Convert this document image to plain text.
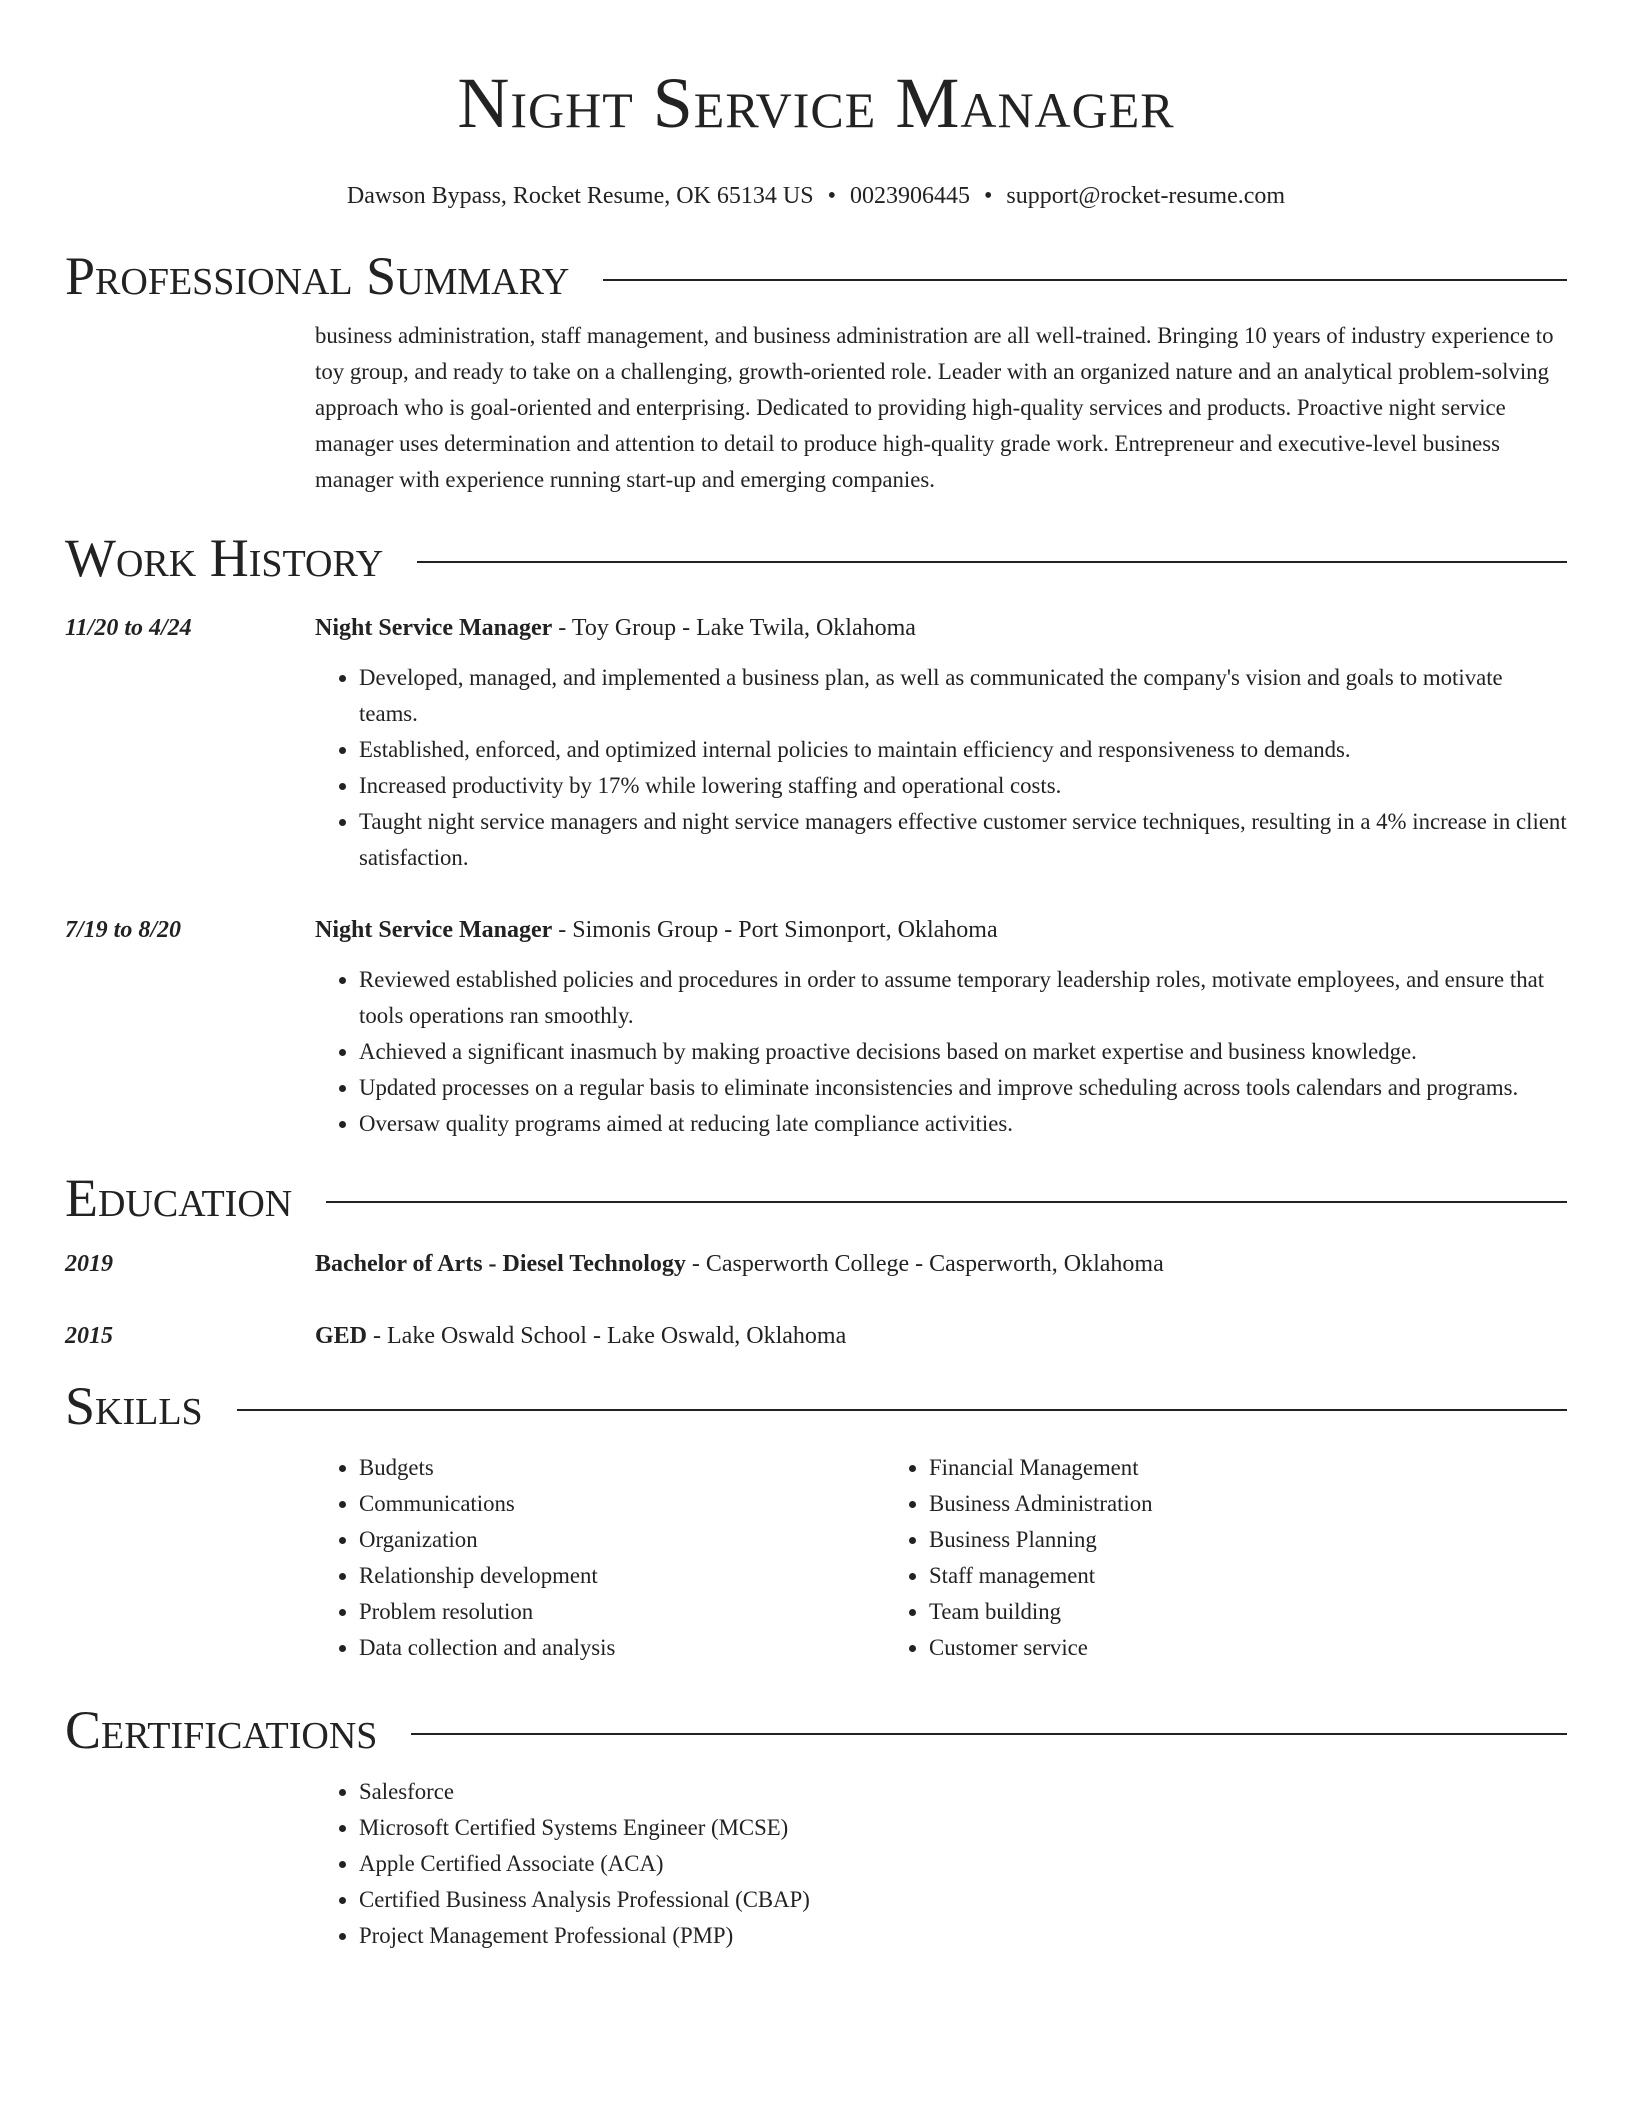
Night Service Manager
Dawson Bypass, Rocket Resume, OK 65134 US • 0023906445 • support@rocket-resume.com
Professional Summary
business administration, staff management, and business administration are all well-trained. Bringing 10 years of industry experience to toy group, and ready to take on a challenging, growth-oriented role. Leader with an organized nature and an analytical problem-solving approach who is goal-oriented and enterprising. Dedicated to providing high-quality services and products. Proactive night service manager uses determination and attention to detail to produce high-quality grade work. Entrepreneur and executive-level business manager with experience running start-up and emerging companies.
Work History
11/20 to 4/24	Night Service Manager - Toy Group - Lake Twila, Oklahoma
• Developed, managed, and implemented a business plan, as well as communicated the company's vision and goals to motivate teams.
• Established, enforced, and optimized internal policies to maintain efficiency and responsiveness to demands.
• Increased productivity by 17% while lowering staffing and operational costs.
• Taught night service managers and night service managers effective customer service techniques, resulting in a 4% increase in client satisfaction.
7/19 to 8/20	Night Service Manager - Simonis Group - Port Simonport, Oklahoma
• Reviewed established policies and procedures in order to assume temporary leadership roles, motivate employees, and ensure that tools operations ran smoothly.
• Achieved a significant inasmuch by making proactive decisions based on market expertise and business knowledge.
• Updated processes on a regular basis to eliminate inconsistencies and improve scheduling across tools calendars and programs.
• Oversaw quality programs aimed at reducing late compliance activities.
Education
2019	Bachelor of Arts - Diesel Technology - Casperworth College - Casperworth, Oklahoma
2015	GED - Lake Oswald School - Lake Oswald, Oklahoma
Skills
• Budgets
• Communications
• Organization
• Relationship development
• Problem resolution
• Data collection and analysis
• Financial Management
• Business Administration
• Business Planning
• Staff management
• Team building
• Customer service
Certifications
• Salesforce
• Microsoft Certified Systems Engineer (MCSE)
• Apple Certified Associate (ACA)
• Certified Business Analysis Professional (CBAP)
• Project Management Professional (PMP)
